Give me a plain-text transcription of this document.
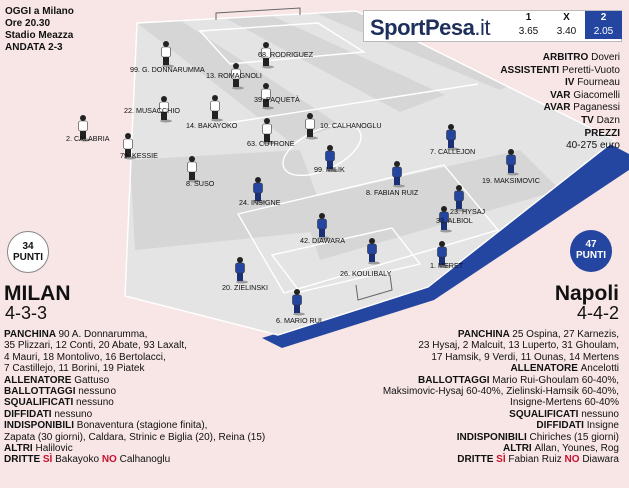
99. G. DONNARUMMA
68. RODRIGUEZ
13. ROMAGNOLI
22. MUSACCHIO
39. PAQUETÀ
14. BAKAYOKO
2. CALABRIA
10. CALHANOGLU
63. CUTRONE
79. KESSIE
8. SUSO
7. CALLEJON
99. MILIK
19. MAKSIMOVIC
8. FABIAN RUIZ
24. INSIGNE
23. HYSAJ
33. ALBIOL
42. DIAWARA
1. MERET
26. KOULIBALY
20. ZIELINSKI
6. MARIO RUI
OGGI a Milano
Ore 20.30
Stadio Meazza
ANDATA 2-3
SportPesa.it	1
3.65
X
3.40
2
2.05
ARBITRO Doveri
ASSISTENTI Peretti-Vuoto
IV Fourneau
VAR Giacomelli
AVAR Paganessi
TV Dazn
PREZZI
40-275 euro
34
PUNTI
47
PUNTI
MILAN
4-3-3
Napoli
4-4-2
PANCHINA 90 A. Donnarumma,
35 Plizzari, 12 Conti, 20 Abate, 93 Laxalt,
4 Mauri, 18 Montolivo, 16 Bertolacci,
7 Castillejo, 11 Borini, 19 Piatek
ALLENATORE Gattuso
BALLOTTAGGI nessuno
SQUALIFICATI nessuno
DIFFIDATI nessuno
INDISPONIBILI Bonaventura (stagione finita),
Zapata (30 giorni), Caldara, Strinic e Biglia (20), Reina (15)
ALTRI Halilovic
DRITTE SÌ Bakayoko NO Calhanoglu
PANCHINA 25 Ospina, 27 Karnezis,
23 Hysaj, 2 Malcuit, 13 Luperto, 31 Ghoulam,
17 Hamsik, 9 Verdi, 11 Ounas, 14 Mertens
ALLENATORE Ancelotti
BALLOTTAGGI Mario Rui-Ghoulam 60-40%,
Maksimovic-Hysaj 60-40%, Zielinski-Hamsik 60-40%,
Insigne-Mertens 60-40%
SQUALIFICATI nessuno
DIFFIDATI Insigne
INDISPONIBILI Chiriches (15 giorni)
ALTRI Allan, Younes, Rog
DRITTE SÌ Fabian Ruiz NO Diawara
